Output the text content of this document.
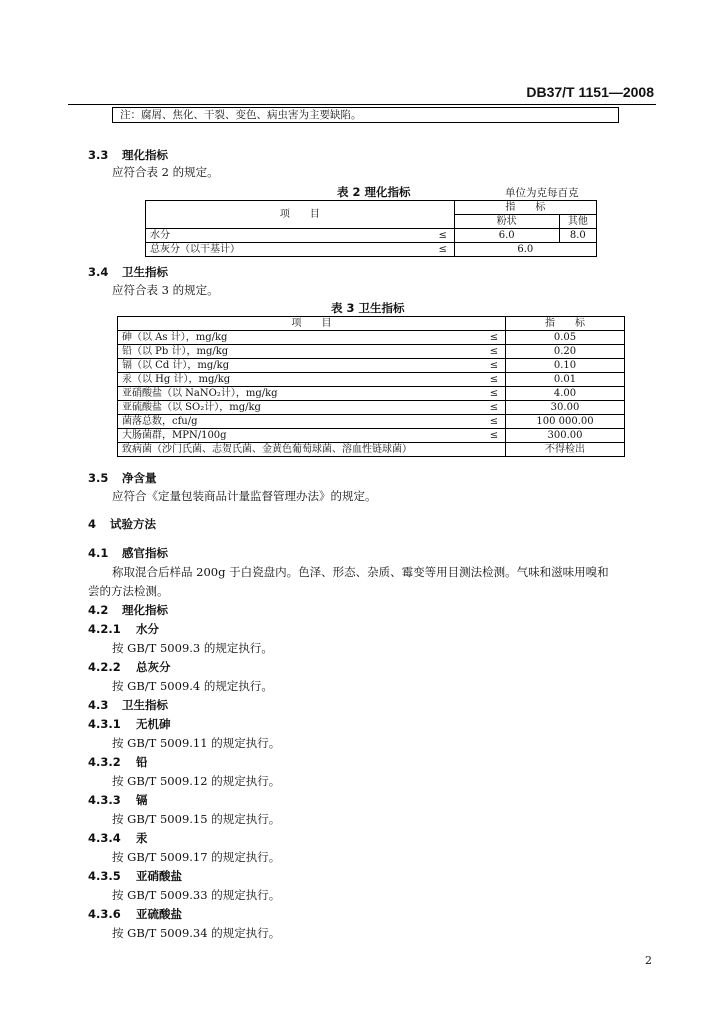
DB37/T 1151—2008
注：腐屑、焦化、干裂、变色、病虫害为主要缺陷。
3.3 理化指标
应符合表 2 的规定。
表 2 理化指标	单位为克每百克
项　　目		指　　标	
		粉状	其他
水分	≤	6.0	8.0
总灰分（以干基计）	≤	6.0	
3.4 卫生指标
应符合表 3 的规定。
表 3 卫生指标
项　　目		指　　标
砷（以 As 计），mg/kg	≤	0.05
铅（以 Pb 计），mg/kg	≤	0.20
镉（以 Cd 计），mg/kg	≤	0.10
汞（以 Hg 计），mg/kg	≤	0.01
亚硝酸盐（以 NaNO₂计），mg/kg	≤	4.00
亚硫酸盐（以 SO₂计），mg/kg	≤	30.00
菌落总数，cfu/g	≤	100 000.00
大肠菌群，MPN/100g	≤	300.00
致病菌（沙门氏菌、志贺氏菌、金黄色葡萄球菌、溶血性链球菌）		不得检出
3.5 净含量
应符合《定量包装商品计量监督管理办法》的规定。
4 试验方法
4.1 感官指标
称取混合后样品 200g 于白瓷盘内。色泽、形态、杂质、霉变等用目测法检测。气味和滋味用嗅和
尝的方法检测。
4.2 理化指标
4.2.1 水分
按 GB/T 5009.3 的规定执行。
4.2.2 总灰分
按 GB/T 5009.4 的规定执行。
4.3 卫生指标
4.3.1 无机砷
按 GB/T 5009.11 的规定执行。
4.3.2 铅
按 GB/T 5009.12 的规定执行。
4.3.3 镉
按 GB/T 5009.15 的规定执行。
4.3.4 汞
按 GB/T 5009.17 的规定执行。
4.3.5 亚硝酸盐
按 GB/T 5009.33 的规定执行。
4.3.6 亚硫酸盐
按 GB/T 5009.34 的规定执行。
2
